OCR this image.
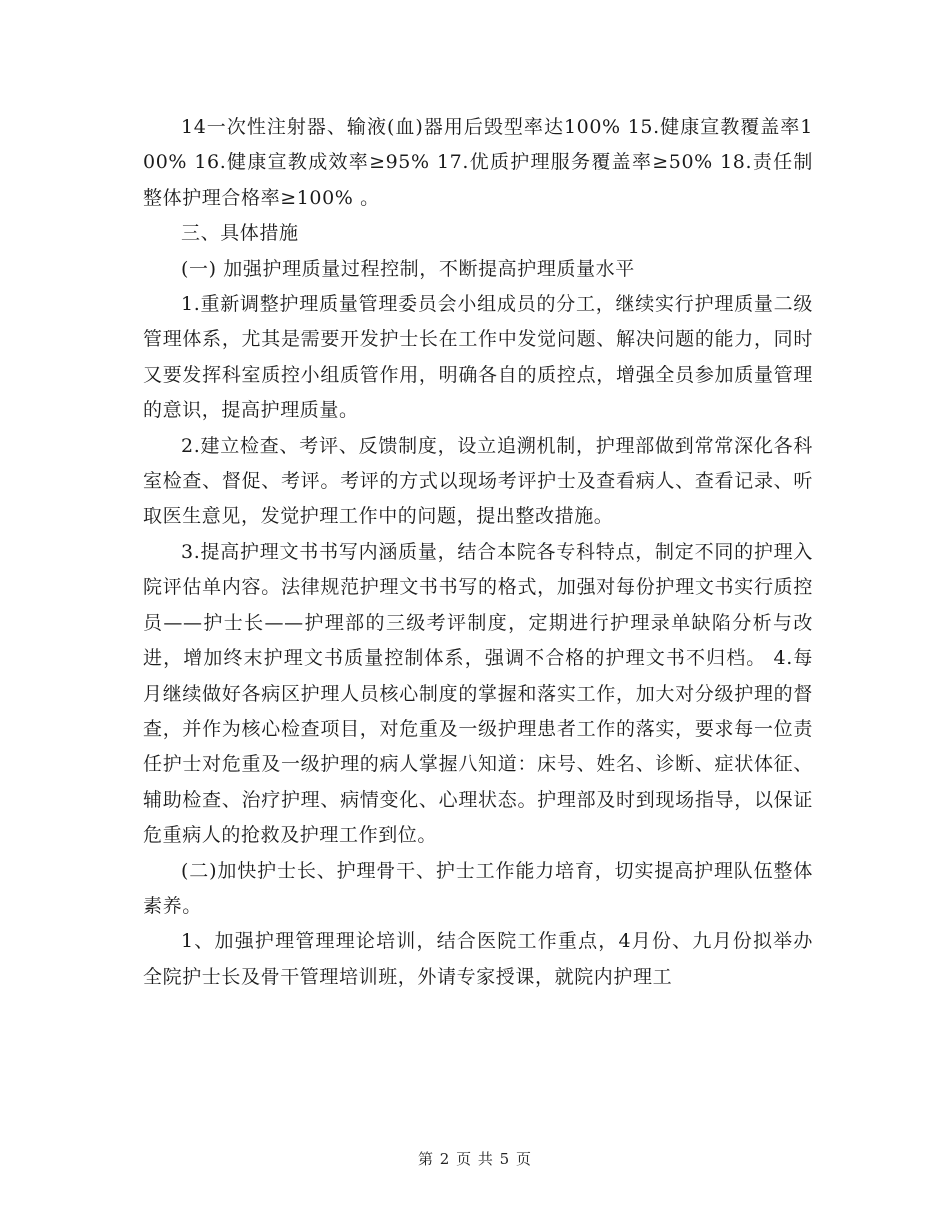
14一次性注射器、输液(血)器用后毁型率达100% 15.健康宣教覆盖率100% 16.健康宣教成效率≥95% 17.优质护理服务覆盖率≥50% 18.责任制整体护理合格率≥100% 。

三、具体措施

(一) 加强护理质量过程控制，不断提高护理质量水平

1.重新调整护理质量管理委员会小组成员的分工，继续实行护理质量二级管理体系，尤其是需要开发护士长在工作中发觉问题、解决问题的能力，同时又要发挥科室质控小组质管作用，明确各自的质控点，增强全员参加质量管理的意识，提高护理质量。

2.建立检查、考评、反馈制度，设立追溯机制，护理部做到常常深化各科室检查、督促、考评。考评的方式以现场考评护士及查看病人、查看记录、听取医生意见，发觉护理工作中的问题，提出整改措施。

3.提高护理文书书写内涵质量，结合本院各专科特点，制定不同的护理入院评估单内容。法律规范护理文书书写的格式，加强对每份护理文书实行质控员——护士长——护理部的三级考评制度，定期进行护理录单缺陷分析与改进，增加终末护理文书质量控制体系，强调不合格的护理文书不归档。 4.每月继续做好各病区护理人员核心制度的掌握和落实工作，加大对分级护理的督查，并作为核心检查项目，对危重及一级护理患者工作的落实，要求每一位责任护士对危重及一级护理的病人掌握八知道：床号、姓名、诊断、症状体征、辅助检查、治疗护理、病情变化、心理状态。护理部及时到现场指导，以保证危重病人的抢救及护理工作到位。

(二)加快护士长、护理骨干、护士工作能力培育，切实提高护理队伍整体素养。

1、加强护理管理理论培训，结合医院工作重点，4月份、九月份拟举办全院护士长及骨干管理培训班，外请专家授课，就院内护理工

第 2 页 共 5 页
